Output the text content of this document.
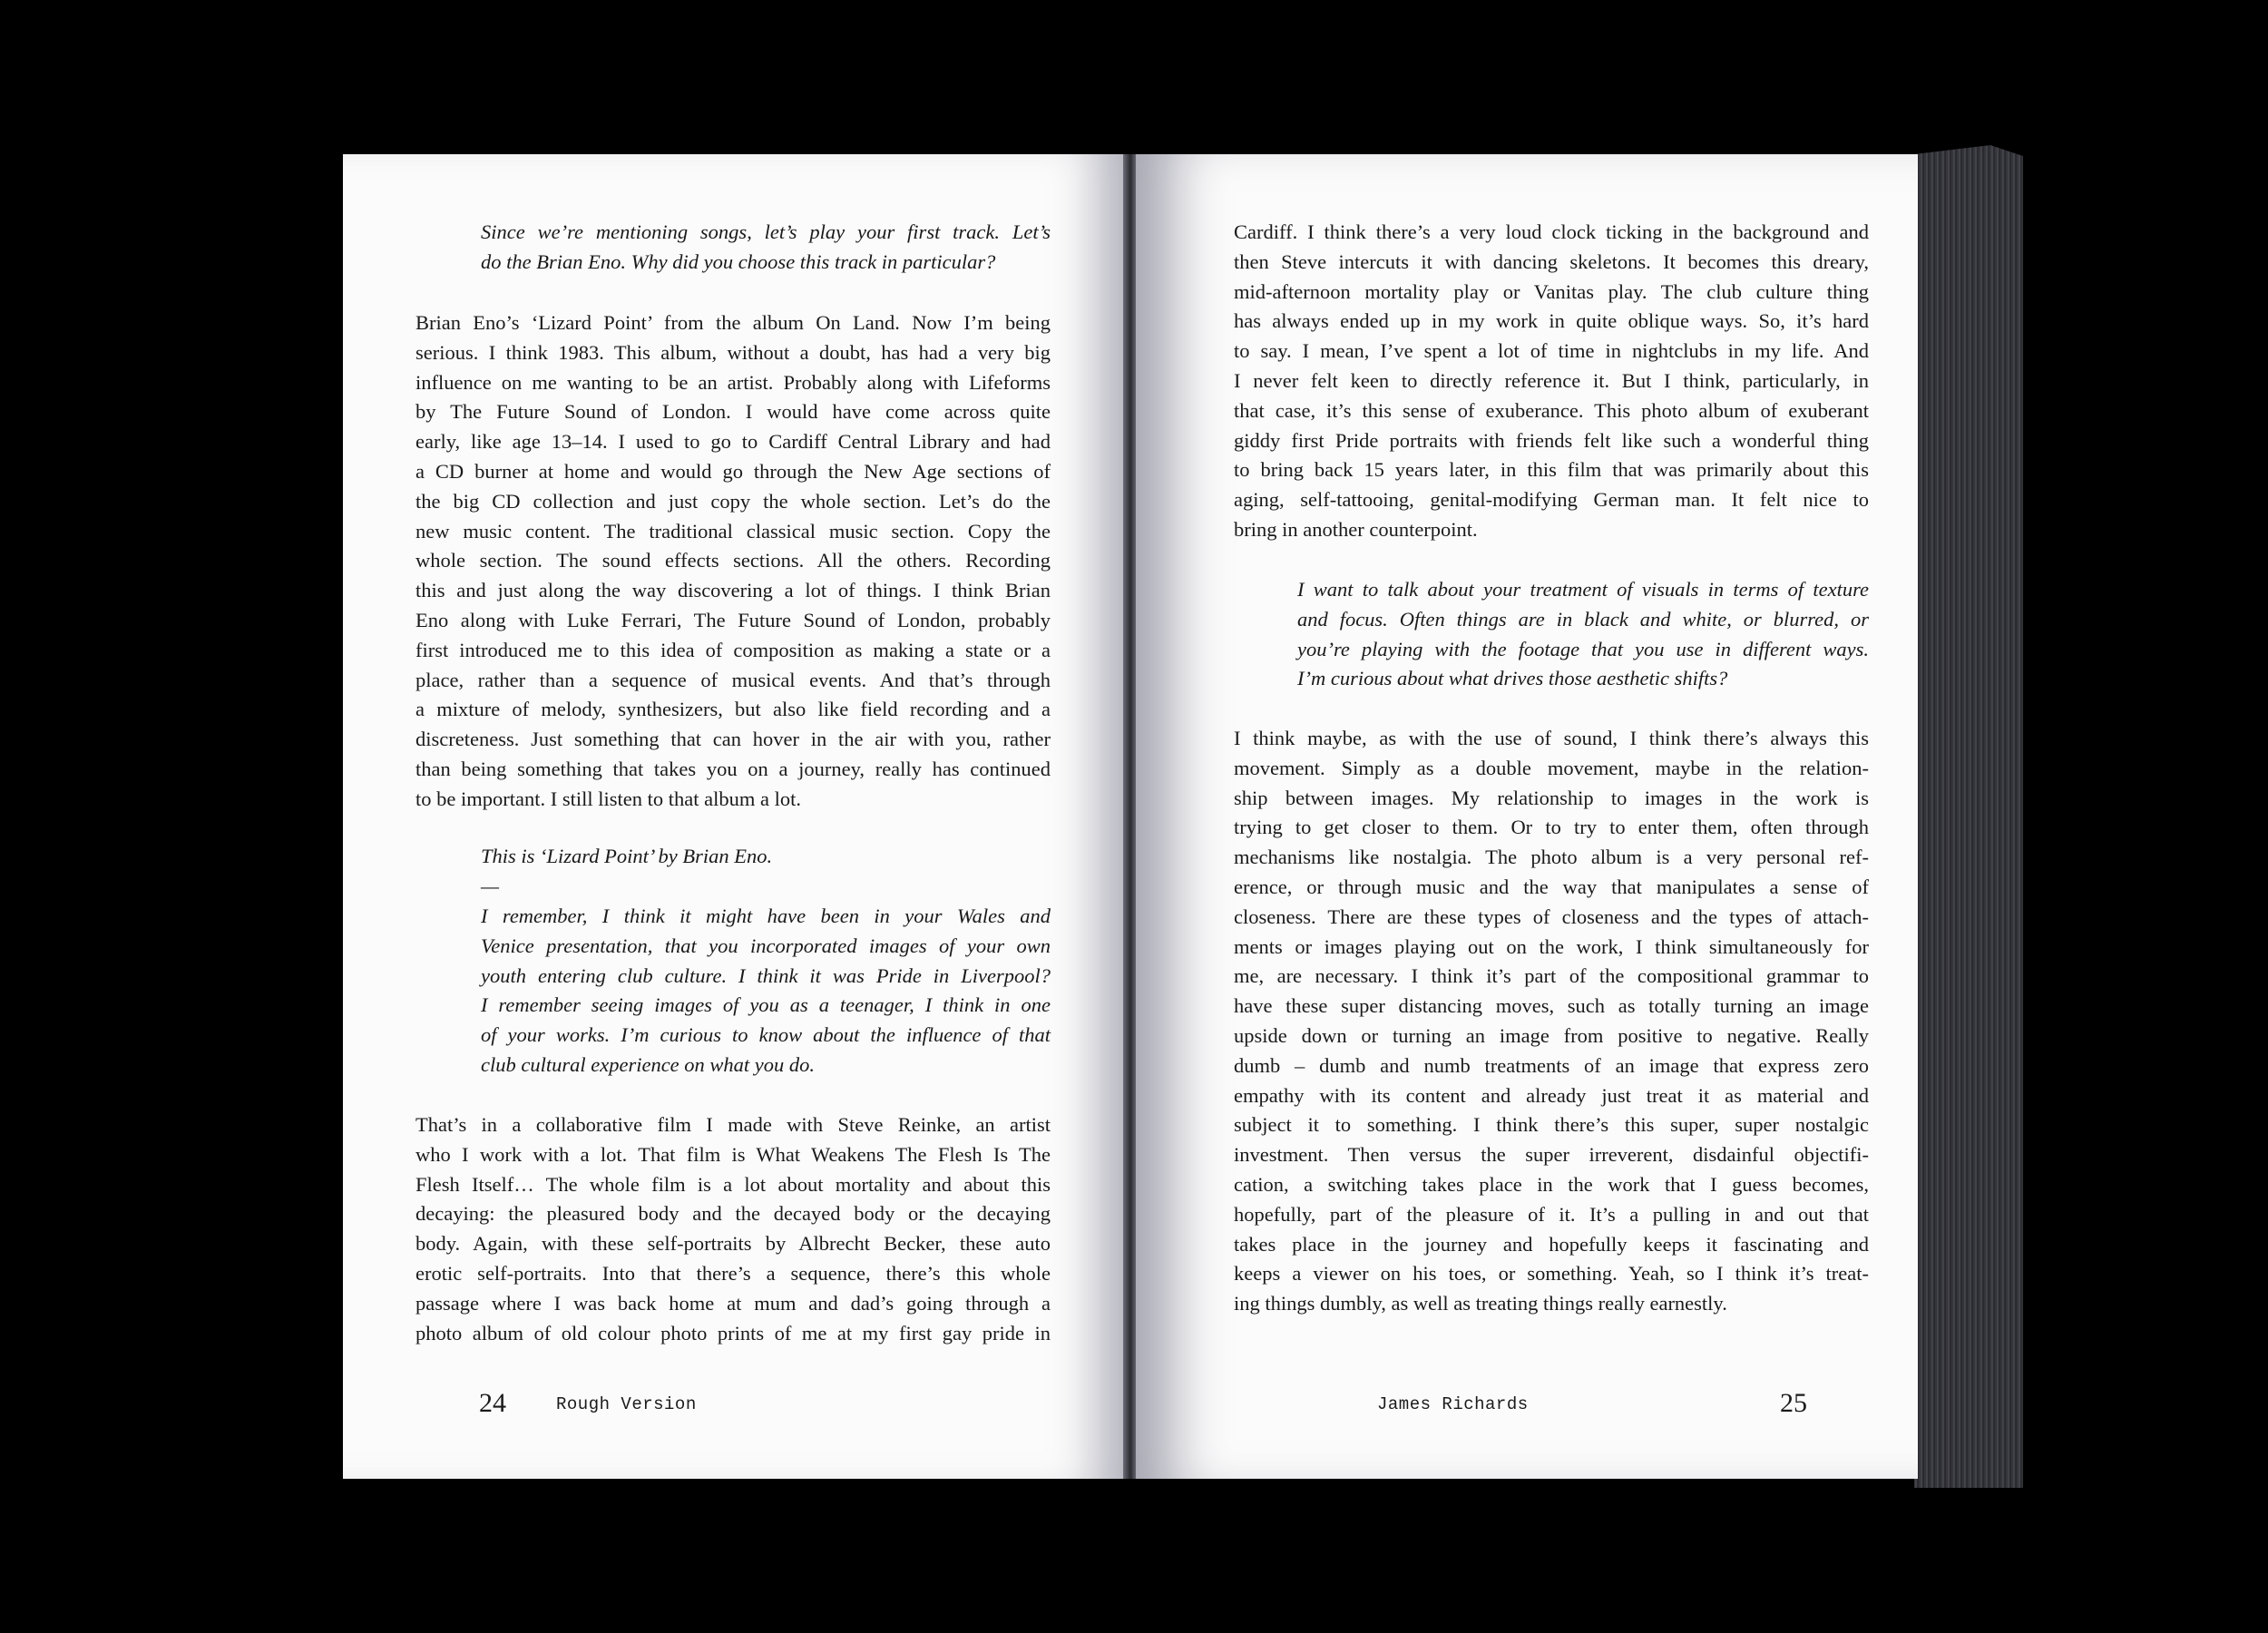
Since we’re mentioning songs, let’s play your first track. Let’s
do the Brian Eno. Why did you choose this track in particular?
Brian Eno’s ‘Lizard Point’ from the album On Land. Now I’m being
serious. I think 1983. This album, without a doubt, has had a very big
influence on me wanting to be an artist. Probably along with Lifeforms
by The Future Sound of London. I would have come across quite
early, like age 13–14. I used to go to Cardiff Central Library and had
a CD burner at home and would go through the New Age sections of
the big CD collection and just copy the whole section. Let’s do the
new music content. The traditional classical music section. Copy the
whole section. The sound effects sections. All the others. Recording
this and just along the way discovering a lot of things. I think Brian
Eno along with Luke Ferrari, The Future Sound of London, probably
first introduced me to this idea of composition as making a state or a
place, rather than a sequence of musical events. And that’s through
a mixture of melody, synthesizers, but also like field recording and a
discreteness. Just something that can hover in the air with you, rather
than being something that takes you on a journey, really has continued
to be important. I still listen to that album a lot.
This is ‘Lizard Point’ by Brian Eno.
—
I remember, I think it might have been in your Wales and
Venice presentation, that you incorporated images of your own
youth entering club culture. I think it was Pride in Liverpool?
I remember seeing images of you as a teenager, I think in one
of your works. I’m curious to know about the influence of that
club cultural experience on what you do.
That’s in a collaborative film I made with Steve Reinke, an artist
who I work with a lot. That film is What Weakens The Flesh Is The
Flesh Itself… The whole film is a lot about mortality and about this
decaying: the pleasured body and the decayed body or the decaying
body. Again, with these self-portraits by Albrecht Becker, these auto
erotic self-portraits. Into that there’s a sequence, there’s this whole
passage where I was back home at mum and dad’s going through a
photo album of old colour photo prints of me at my first gay pride in
24	Rough Version
Cardiff. I think there’s a very loud clock ticking in the background and
then Steve intercuts it with dancing skeletons. It becomes this dreary,
mid-afternoon mortality play or Vanitas play. The club culture thing
has always ended up in my work in quite oblique ways. So, it’s hard
to say. I mean, I’ve spent a lot of time in nightclubs in my life. And
I never felt keen to directly reference it. But I think, particularly, in
that case, it’s this sense of exuberance. This photo album of exuberant
giddy first Pride portraits with friends felt like such a wonderful thing
to bring back 15 years later, in this film that was primarily about this
aging, self-tattooing, genital-modifying German man. It felt nice to
bring in another counterpoint.
I want to talk about your treatment of visuals in terms of texture
and focus. Often things are in black and white, or blurred, or
you’re playing with the footage that you use in different ways.
I’m curious about what drives those aesthetic shifts?
I think maybe, as with the use of sound, I think there’s always this
movement. Simply as a double movement, maybe in the relation-
ship between images. My relationship to images in the work is
trying to get closer to them. Or to try to enter them, often through
mechanisms like nostalgia. The photo album is a very personal ref-
erence, or through music and the way that manipulates a sense of
closeness. There are these types of closeness and the types of attach-
ments or images playing out on the work, I think simultaneously for
me, are necessary. I think it’s part of the compositional grammar to
have these super distancing moves, such as totally turning an image
upside down or turning an image from positive to negative. Really
dumb – dumb and numb treatments of an image that express zero
empathy with its content and already just treat it as material and
subject it to something. I think there’s this super, super nostalgic
investment. Then versus the super irreverent, disdainful objectifi-
cation, a switching takes place in the work that I guess becomes,
hopefully, part of the pleasure of it. It’s a pulling in and out that
takes place in the journey and hopefully keeps it fascinating and
keeps a viewer on his toes, or something. Yeah, so I think it’s treat-
ing things dumbly, as well as treating things really earnestly.
James Richards	25
